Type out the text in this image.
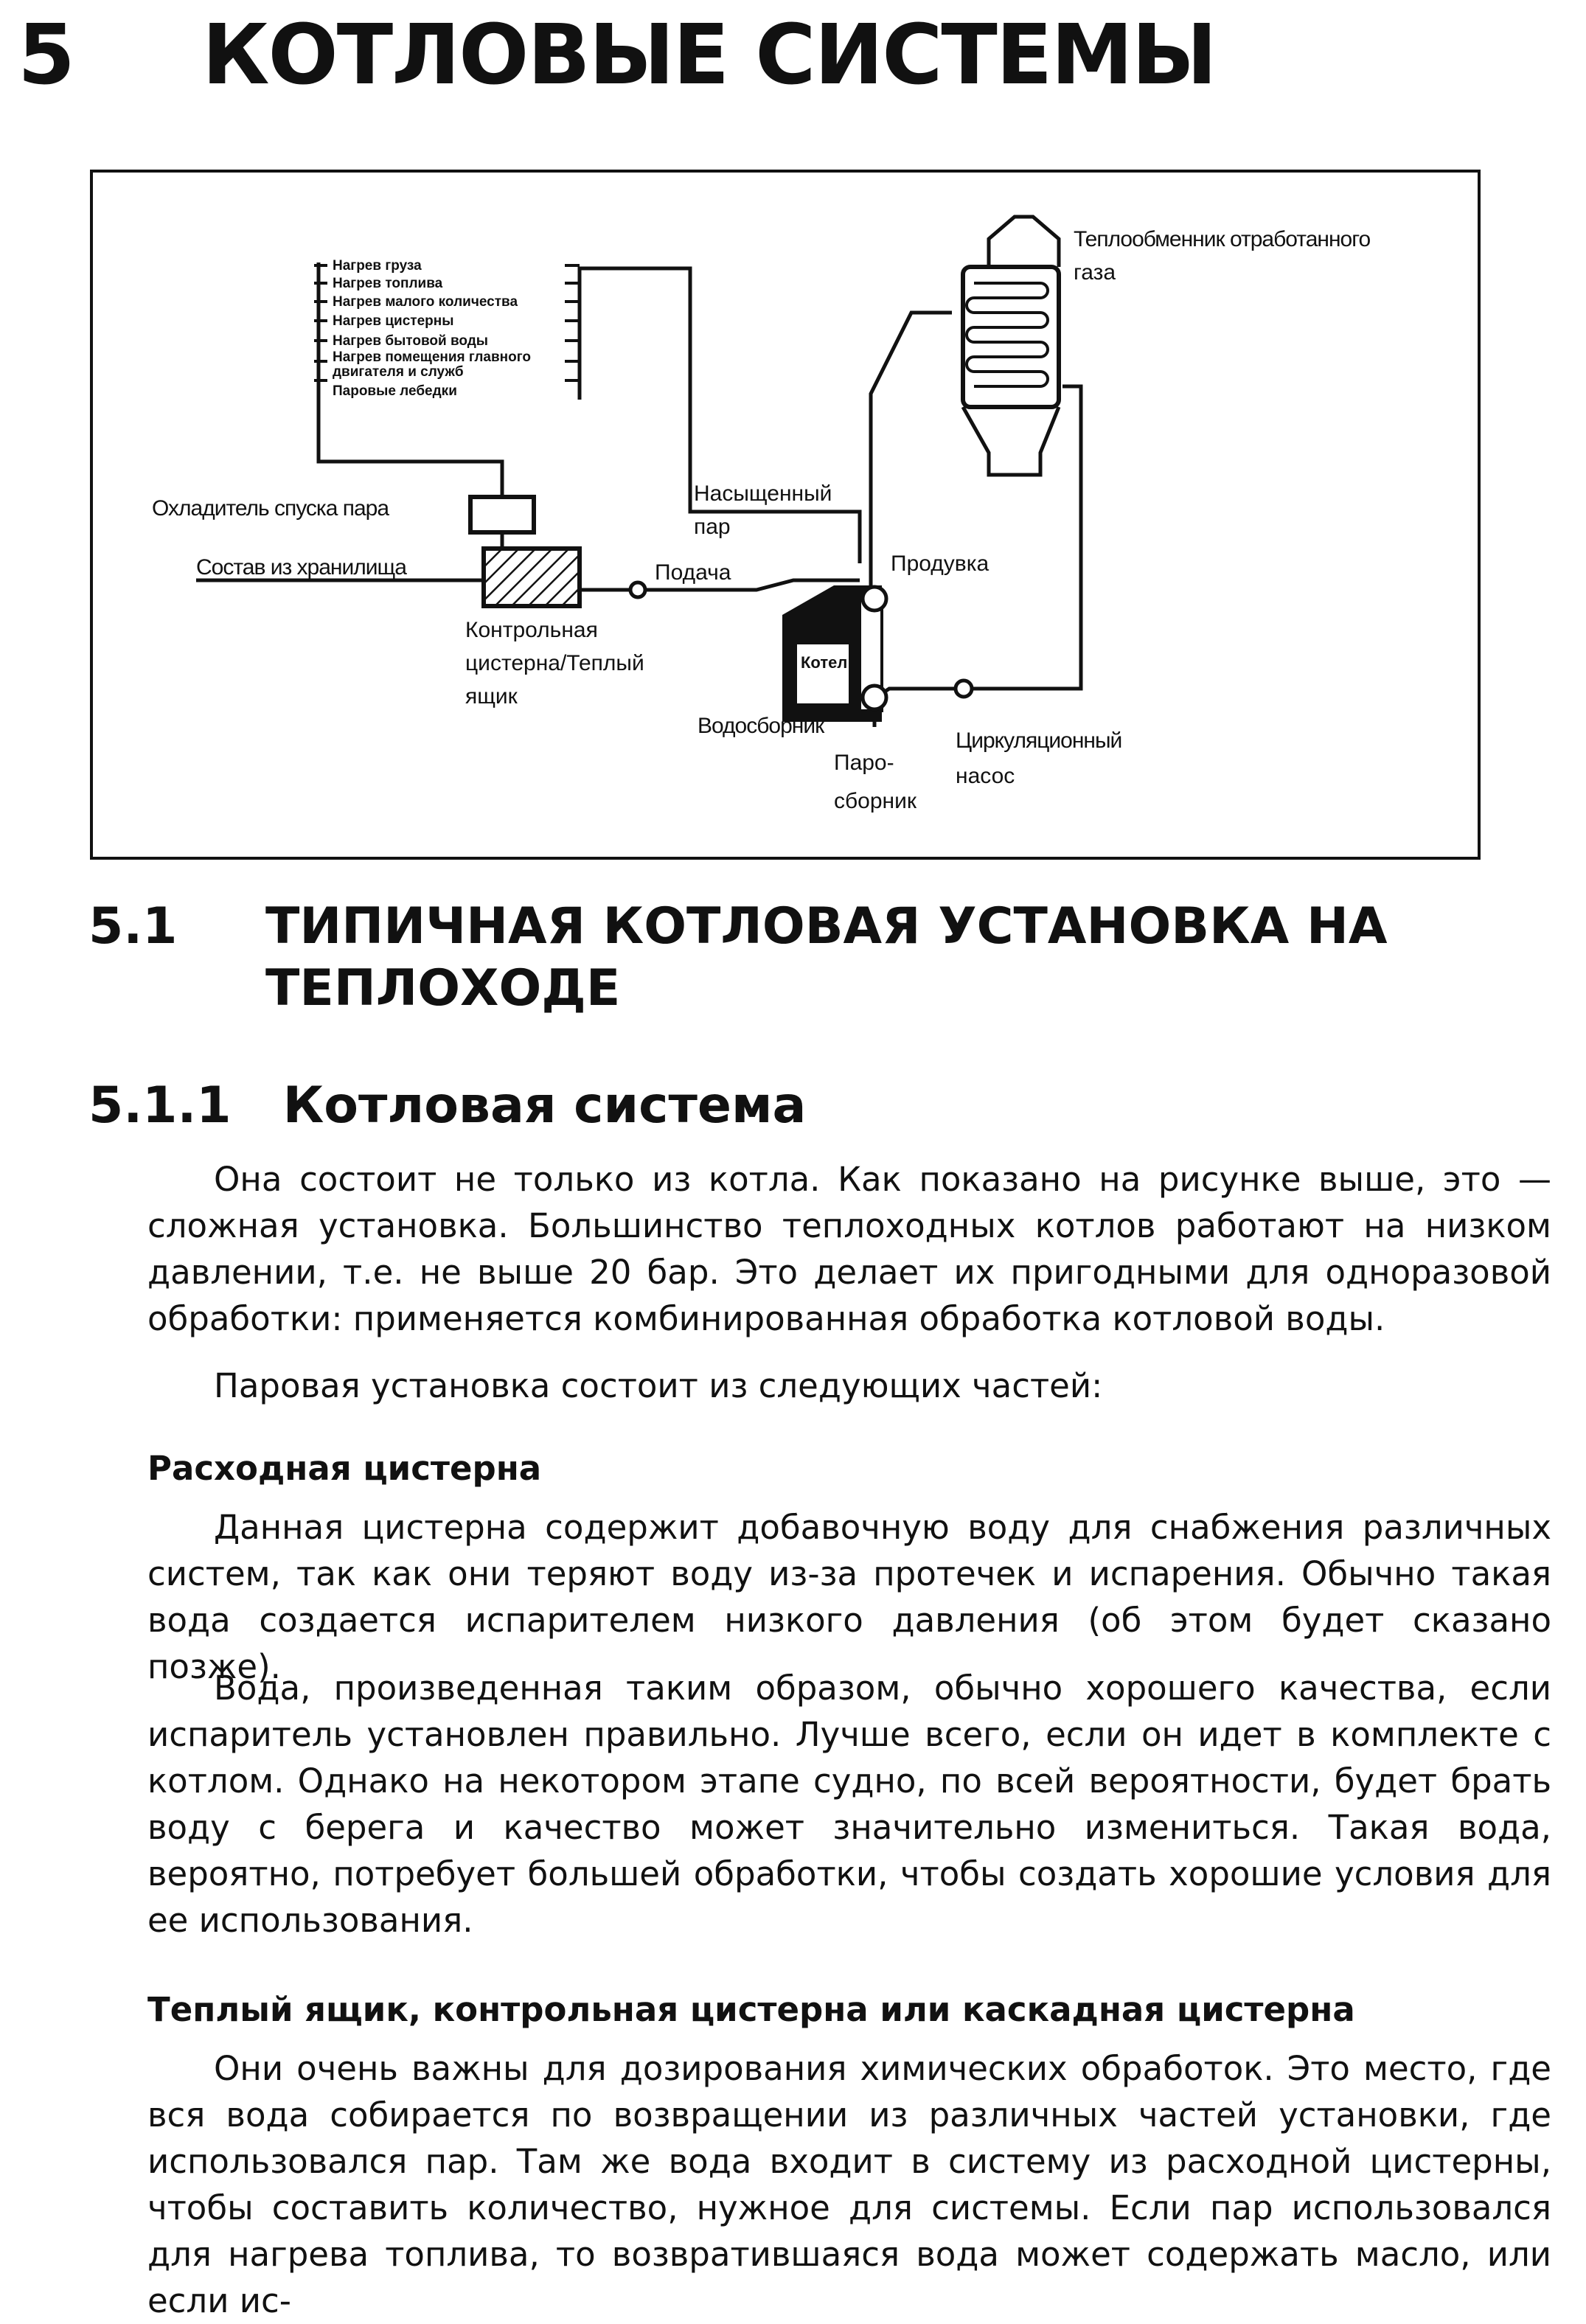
5	КОТЛОВЫЕ СИСТЕМЫ
Нагрев груза
Нагрев топлива
Нагрев малого количества
Нагрев цистерны
Нагрев бытовой воды
Нагрев помещения главного
двигателя и служб
Паровые лебедки
Теплообменник отработанного
газа
Охладитель спуска пара
Состав из хранилища
Насыщенный
пар
Подача	Продувка
Котел
Контрольная
цистерна/Теплый
ящик
Водосборник
Паро-
сборник
Циркуляционный
насос
5.1	ТИПИЧНАЯ КОТЛОВАЯ УСТАНОВКА НА ТЕПЛОХОДЕ
5.1.1 Котловая система

Она состоит не только из котла. Как показано на рисунке выше, это — сложная установка. Большинство теплоходных котлов работают на низком давлении, т.е. не выше 20 бар. Это делает их пригодными для одноразовой обработки: применяется комбинированная обработка котловой воды.

Паровая установка состоит из следующих частей:

Расходная цистерна

Данная цистерна содержит добавочную воду для снабжения различных систем, так как они теряют воду из-за протечек и испарения. Обычно такая вода создается испарителем низкого давления (об этом будет сказано позже).

Вода, произведенная таким образом, обычно хорошего качества, если испаритель установлен правильно. Лучше всего, если он идет в комплекте с котлом. Однако на некотором этапе судно, по всей вероятности, будет брать воду с берега и качество может значительно измениться. Такая вода, вероятно, потребует большей обработки, чтобы создать хорошие условия для ее использования.

Теплый ящик, контрольная цистерна или каскадная цистерна

Они очень важны для дозирования химических обработок. Это место, где вся вода собирается по возвращении из различных частей установки, где использовался пар. Там же вода входит в систему из расходной цистерны, чтобы составить количество, нужное для системы. Если пар использовался для нагрева топлива, то возвратившаяся вода может содержать масло, или если ис-
